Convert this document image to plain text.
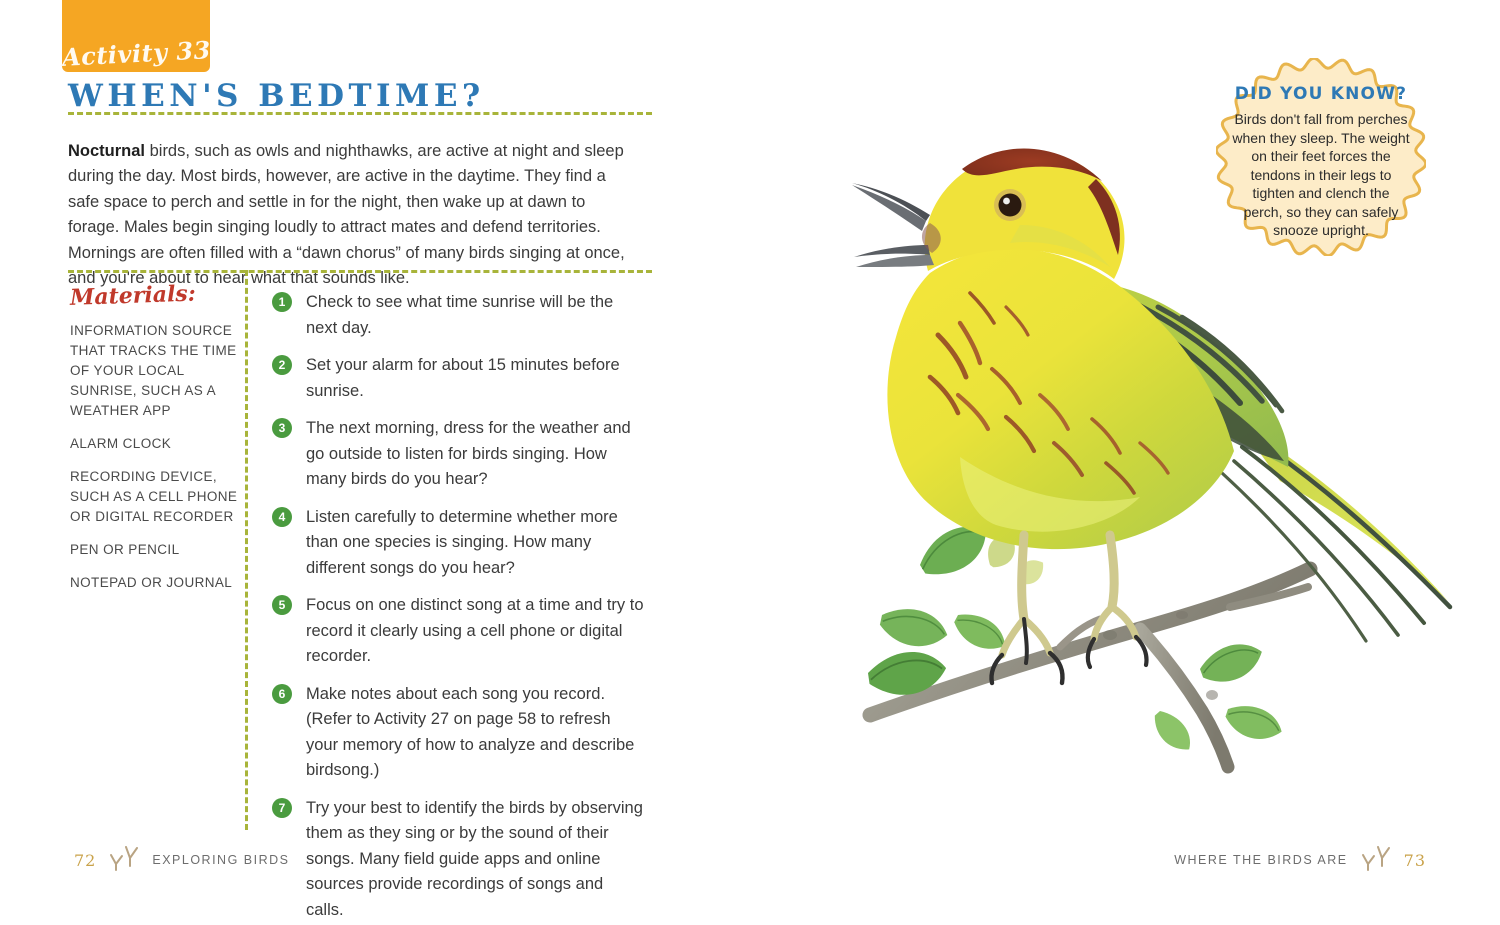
Activity 33
WHEN'S BEDTIME?

Nocturnal birds, such as owls and nighthawks, are active at night and sleep during the day. Most birds, however, are active in the daytime. They find a safe space to perch and settle in for the night, then wake up at dawn to forage. Males begin singing loudly to attract mates and defend territories. Mornings are often filled with a “dawn chorus” of many birds singing at once, and you're about to hear what that sounds like.

Materials:
INFORMATION SOURCE THAT TRACKS THE TIME OF YOUR LOCAL SUNRISE, SUCH AS A WEATHER APP
ALARM CLOCK
RECORDING DEVICE, SUCH AS A CELL PHONE OR DIGITAL RECORDER
PEN OR PENCIL
NOTEPAD OR JOURNAL
1	Check to see what time sunrise will be the next day.
2	Set your alarm for about 15 minutes before sunrise.
3	The next morning, dress for the weather and go outside to listen for birds singing. How many birds do you hear?
4	Listen carefully to determine whether more than one species is singing. How many different songs do you hear?
5	Focus on one distinct song at a time and try to record it clearly using a cell phone or digital recorder.
6	Make notes about each song you record. (Refer to Activity 27 on page 58 to refresh your memory of how to analyze and describe birdsong.)
7	Try your best to identify the birds by observing them as they sing or by the sound of their songs. Many field guide apps and online sources provide recordings of songs and calls.
DID YOU KNOW?
Birds don't fall from perches when they sleep. The weight on their feet forces the tendons in their legs to tighten and clench the perch, so they can safely snooze upright.
72	EXPLORING BIRDS	WHERE THE BIRDS ARE	73
